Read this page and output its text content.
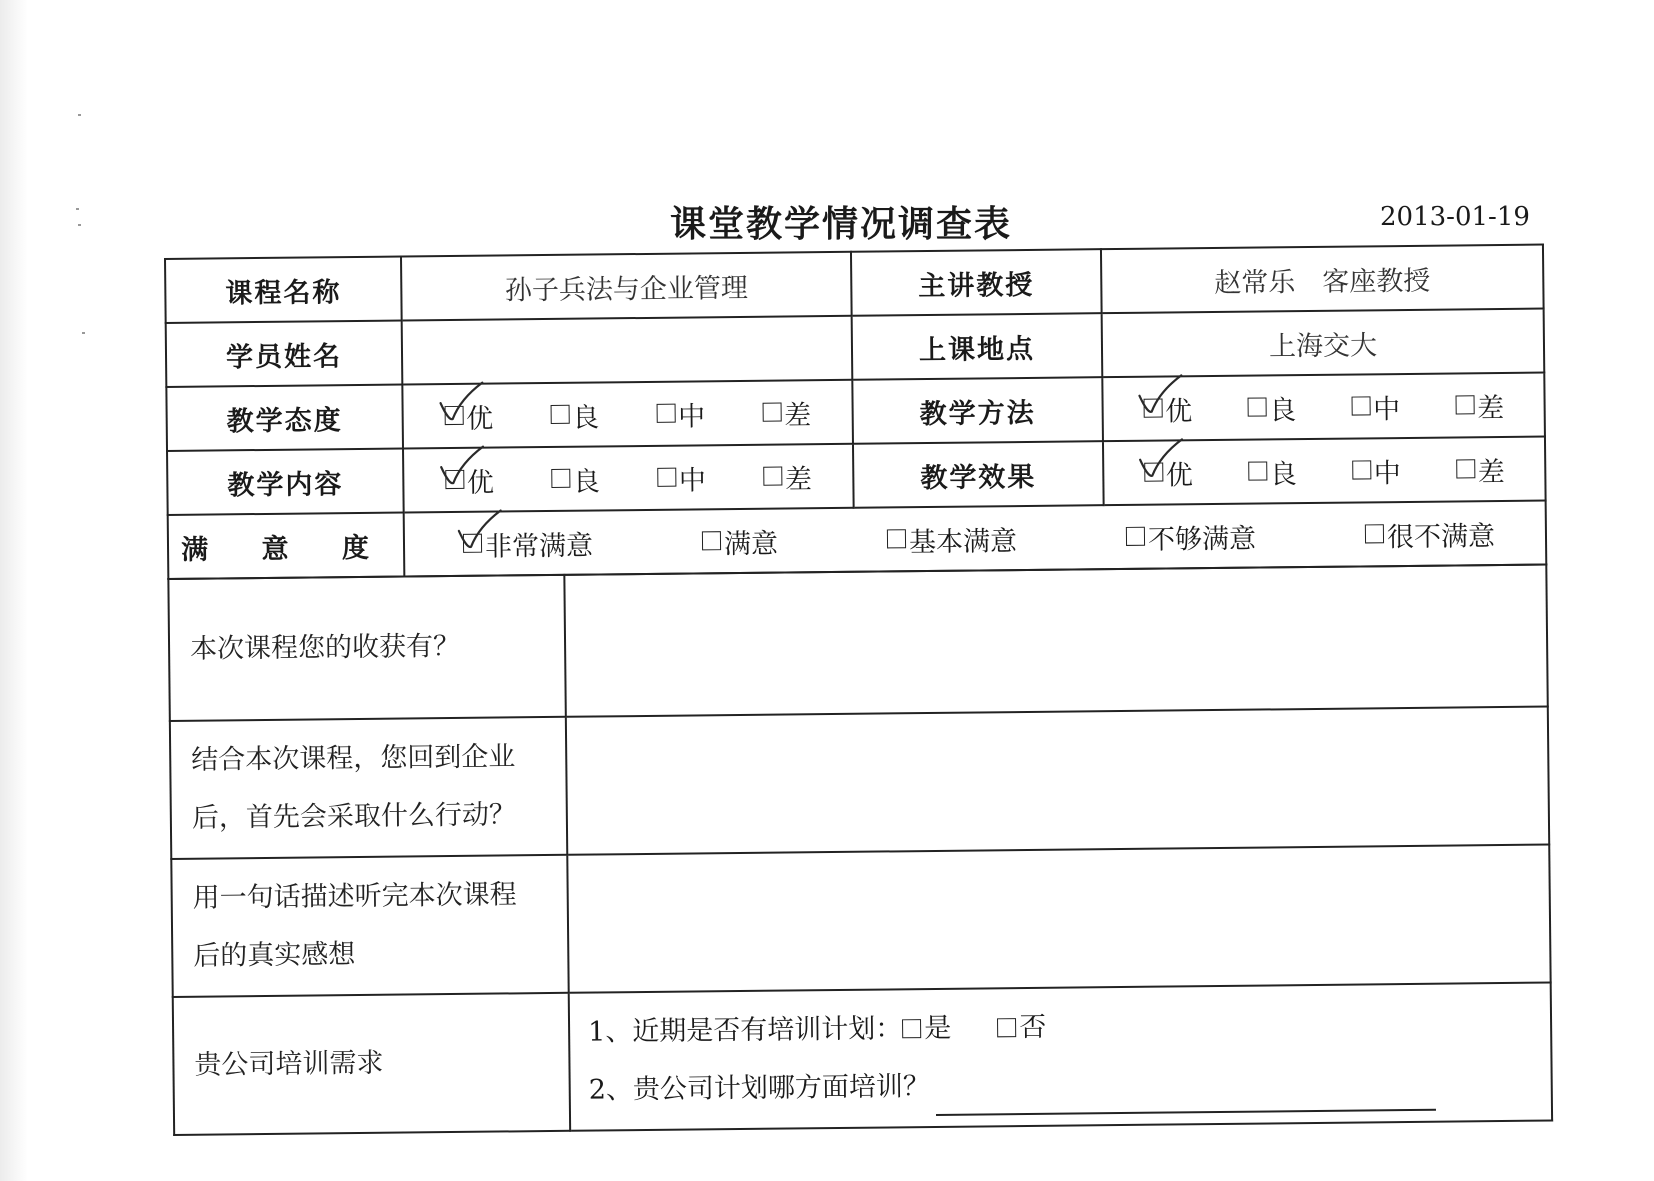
课堂教学情况调查表	2013-01-19
课程名称	孙子兵法与企业管理	主讲教授	赵常乐　客座教授
学员姓名		上课地点	上海交大
教学态度	优 良 中 差	教学方法	优 良 中 差

教学内容	优 良 中 差	教学效果	优 良 中 差

满 意 度	非常满意 满意 基本满意 不够满意 很不满意		
本次课程您的收获有？	

结合本次课程，您回到企业
后，首先会采取什么行动？	

用一句话描述听完本次课程
后的真实感想	

贵公司培训需求	1、近期是否有培训计划： 是 否
2、贵公司计划哪方面培训？
